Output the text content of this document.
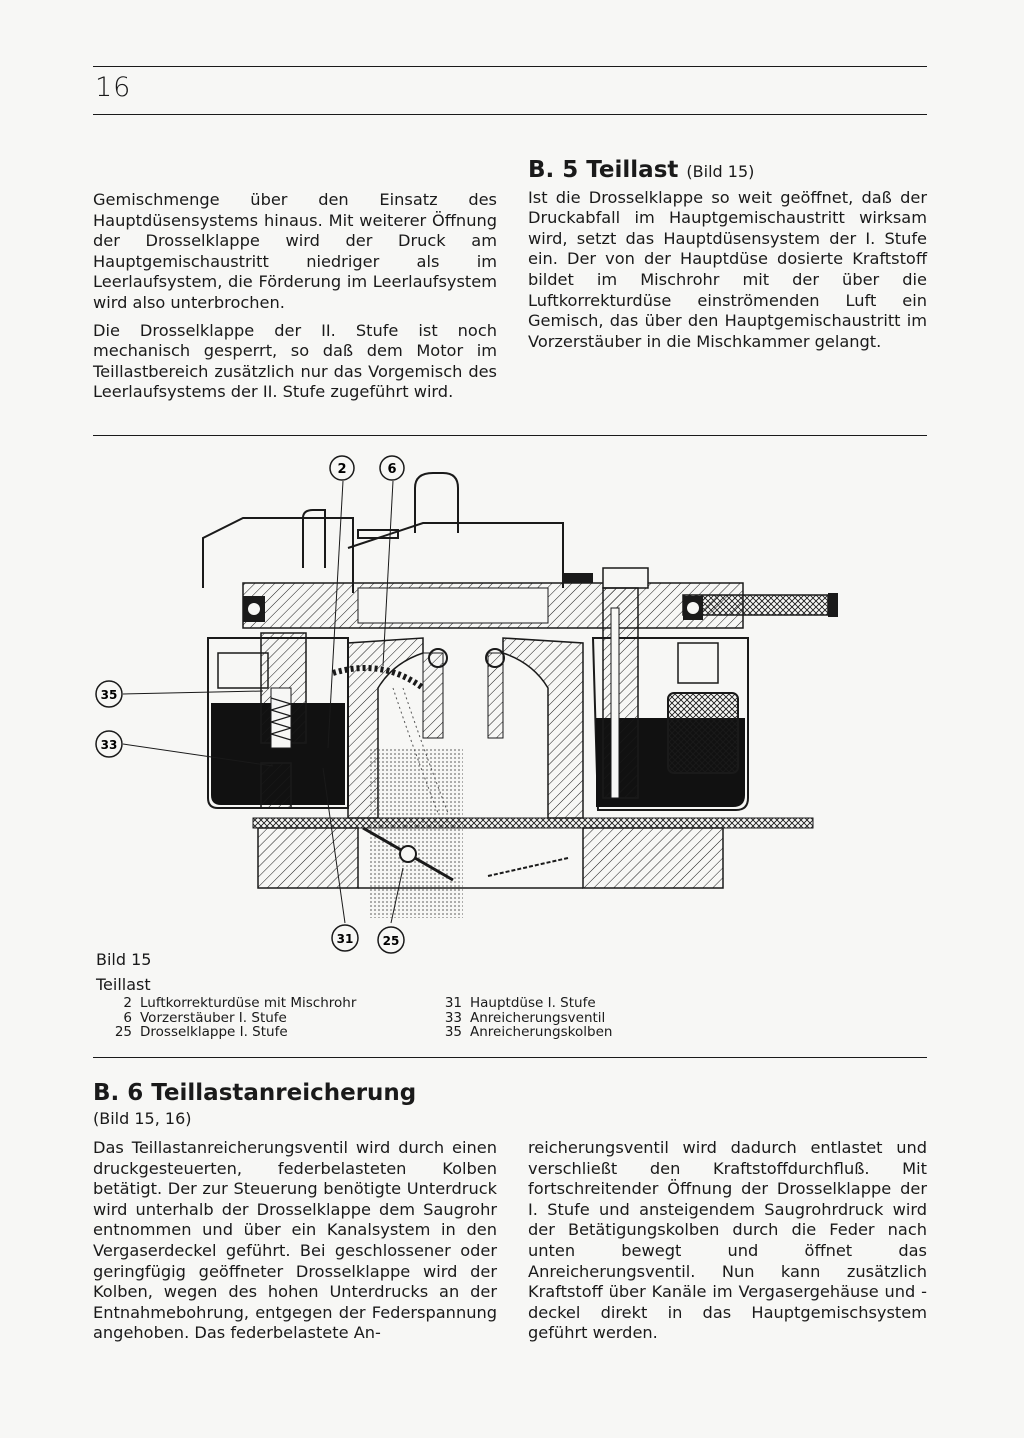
16

Gemischmenge über den Einsatz des Hauptdüsensystems hinaus. Mit weiterer Öffnung der Drosselklappe wird der Druck am Hauptgemischaustritt niedriger als im Leerlaufsystem, die Förderung im Leerlaufsystem wird also unterbrochen.

Die Drosselklappe der II. Stufe ist noch mechanisch gesperrt, so daß dem Motor im Teillastbereich zusätzlich nur das Vorgemisch des Leerlaufsystems der II. Stufe zugeführt wird.

B. 5 Teillast (Bild 15)

Ist die Drosselklappe so weit geöffnet, daß der Druckabfall im Hauptgemischaustritt wirksam wird, setzt das Hauptdüsensystem der I. Stufe ein. Der von der Hauptdüse dosierte Kraftstoff bildet im Mischrohr mit der über die Luftkorrekturdüse einströmenden Luft ein Gemisch, das über den Hauptgemischaustritt im Vorzerstäuber in die Mischkammer gelangt.

2	6
35
33
31 25
Bild 15
Teillast
2 Luftkorrekturdüse mit Mischrohr
6 Vorzerstäuber I. Stufe
25 Drosselklappe I. Stufe
31 Hauptdüse I. Stufe
33 Anreicherungsventil
35 Anreicherungskolben
B. 6 Teillastanreicherung
(Bild 15, 16)

Das Teillastanreicherungsventil wird durch einen druckgesteuerten, federbelasteten Kolben betätigt. Der zur Steuerung benötigte Unterdruck wird unterhalb der Drosselklappe dem Saugrohr entnommen und über ein Kanalsystem in den Vergaserdeckel geführt. Bei geschlossener oder geringfügig geöffneter Drosselklappe wird der Kolben, wegen des hohen Unterdrucks an der Entnahmebohrung, entgegen der Federspannung angehoben. Das federbelastete An-

reicherungsventil wird dadurch entlastet und verschließt den Kraftstoffdurchfluß. Mit fortschreitender Öffnung der Drosselklappe der I. Stufe und ansteigendem Saugrohrdruck wird der Betätigungskolben durch die Feder nach unten bewegt und öffnet das Anreicherungsventil. Nun kann zusätzlich Kraftstoff über Kanäle im Vergasergehäuse und -deckel direkt in das Hauptgemischsystem geführt werden.
